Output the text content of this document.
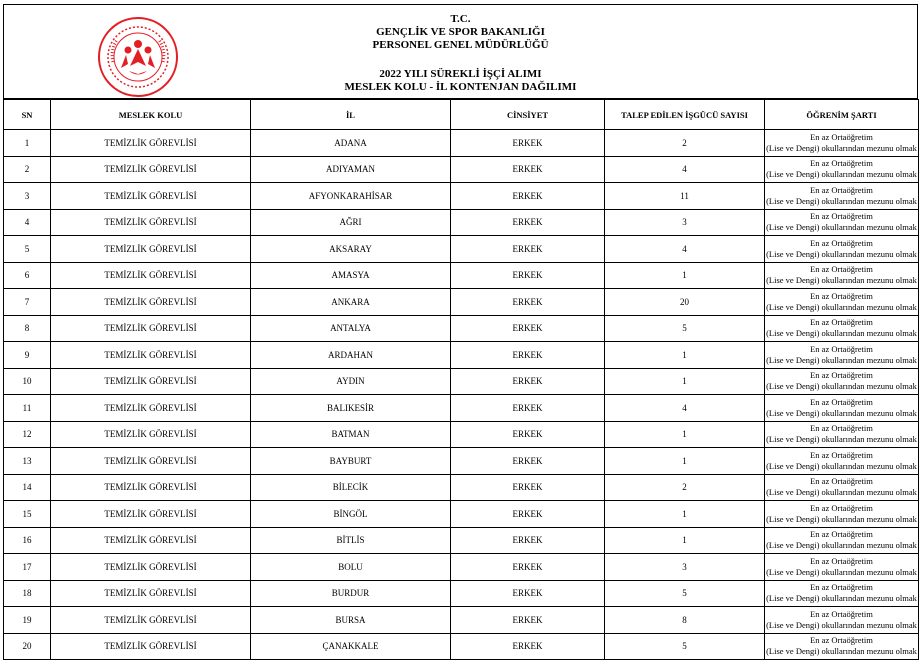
T.C.
GENÇLİK VE SPOR BAKANLIĞI
PERSONEL GENEL MÜDÜRLÜĞÜ
2022 YILI SÜREKLİ İŞÇİ ALIMI
MESLEK KOLU - İL KONTENJAN DAĞILIMI
SN	MESLEK KOLU	İL	CİNSİYET	TALEP EDİLEN İŞGÜCÜ SAYISI	ÖĞRENİM ŞARTI
1	TEMİZLİK GÖREVLİSİ	ADANA	ERKEK	2	En az Ortaöğretim
(Lise ve Dengi) okullarından mezunu olmak

2	TEMİZLİK GÖREVLİSİ	ADIYAMAN	ERKEK	4	En az Ortaöğretim
(Lise ve Dengi) okullarından mezunu olmak

3	TEMİZLİK GÖREVLİSİ	AFYONKARAHİSAR	ERKEK	11	En az Ortaöğretim
(Lise ve Dengi) okullarından mezunu olmak

4	TEMİZLİK GÖREVLİSİ	AĞRI	ERKEK	3	En az Ortaöğretim
(Lise ve Dengi) okullarından mezunu olmak

5	TEMİZLİK GÖREVLİSİ	AKSARAY	ERKEK	4	En az Ortaöğretim
(Lise ve Dengi) okullarından mezunu olmak

6	TEMİZLİK GÖREVLİSİ	AMASYA	ERKEK	1	En az Ortaöğretim
(Lise ve Dengi) okullarından mezunu olmak

7	TEMİZLİK GÖREVLİSİ	ANKARA	ERKEK	20	En az Ortaöğretim
(Lise ve Dengi) okullarından mezunu olmak

8	TEMİZLİK GÖREVLİSİ	ANTALYA	ERKEK	5	En az Ortaöğretim
(Lise ve Dengi) okullarından mezunu olmak

9	TEMİZLİK GÖREVLİSİ	ARDAHAN	ERKEK	1	En az Ortaöğretim
(Lise ve Dengi) okullarından mezunu olmak

10	TEMİZLİK GÖREVLİSİ	AYDIN	ERKEK	1	En az Ortaöğretim
(Lise ve Dengi) okullarından mezunu olmak

11	TEMİZLİK GÖREVLİSİ	BALIKESİR	ERKEK	4	En az Ortaöğretim
(Lise ve Dengi) okullarından mezunu olmak

12	TEMİZLİK GÖREVLİSİ	BATMAN	ERKEK	1	En az Ortaöğretim
(Lise ve Dengi) okullarından mezunu olmak

13	TEMİZLİK GÖREVLİSİ	BAYBURT	ERKEK	1	En az Ortaöğretim
(Lise ve Dengi) okullarından mezunu olmak

14	TEMİZLİK GÖREVLİSİ	BİLECİK	ERKEK	2	En az Ortaöğretim
(Lise ve Dengi) okullarından mezunu olmak

15	TEMİZLİK GÖREVLİSİ	BİNGÖL	ERKEK	1	En az Ortaöğretim
(Lise ve Dengi) okullarından mezunu olmak

16	TEMİZLİK GÖREVLİSİ	BİTLİS	ERKEK	1	En az Ortaöğretim
(Lise ve Dengi) okullarından mezunu olmak

17	TEMİZLİK GÖREVLİSİ	BOLU	ERKEK	3	En az Ortaöğretim
(Lise ve Dengi) okullarından mezunu olmak

18	TEMİZLİK GÖREVLİSİ	BURDUR	ERKEK	5	En az Ortaöğretim
(Lise ve Dengi) okullarından mezunu olmak

19	TEMİZLİK GÖREVLİSİ	BURSA	ERKEK	8	En az Ortaöğretim
(Lise ve Dengi) okullarından mezunu olmak

20	TEMİZLİK GÖREVLİSİ	ÇANAKKALE	ERKEK	5	En az Ortaöğretim
(Lise ve Dengi) okullarından mezunu olmak
